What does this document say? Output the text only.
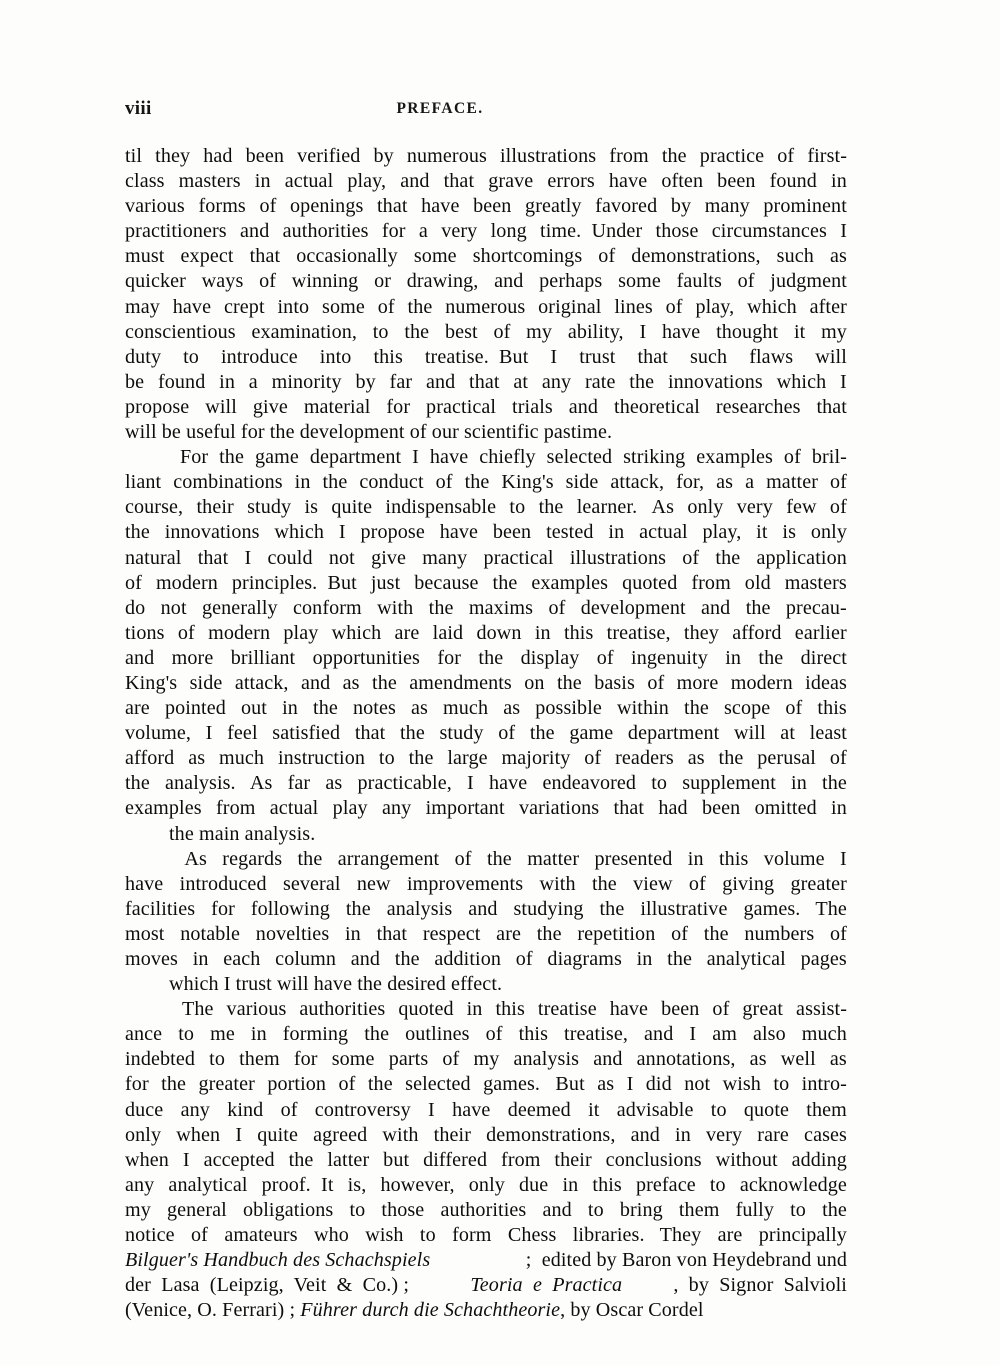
viii	PREFACE.
til they had been verified by numerous illustrations from the practice of first-
class masters in actual play, and that grave errors have often been found in
various forms of openings that have been greatly favored by many prominent
practitioners and authorities for a very long time.  Under those circumstances I
must expect that occasionally some shortcomings of demonstrations, such as
quicker ways of winning or drawing, and perhaps some faults of judgment
may have crept into some of the numerous original lines of play, which after
conscientious examination, to the best of my ability, I have thought it my
duty to introduce into this treatise.  But I trust that such flaws will
be found in a minority by far and that at any rate the innovations which I
propose will give material for practical trials and theoretical researches that
will be useful for the development of our scientific pastime.
For the game department I have chiefly selected striking examples of bril-
liant combinations in the conduct of the King's side attack, for, as a matter of
course, their study is quite indispensable to the learner.   As only very few of
the innovations which I propose have been tested in actual play, it is only
natural that I could not give many practical illustrations of the application
of modern principles.  But just because the examples quoted from old masters
do not generally conform with the maxims of development and the precau-
tions of modern play which are laid down in this treatise, they afford earlier
and more brilliant opportunities for the display of ingenuity in the direct
King's side attack, and as the amendments on the basis of more modern ideas
are pointed out in the notes as much as possible within the scope of this
volume, I feel satisfied that the study of the game department will at least
afford as much instruction to the large majority of readers as the perusal of
the analysis.   As far as practicable, I have endeavored to supplement in the
examples from actual play any important variations that had been omitted in
the main analysis.
As regards the arrangement of the matter presented in this volume I
have introduced several new improvements with the view of giving greater
facilities for following the analysis and studying the illustrative games.   The
most notable novelties in that respect are the repetition of the numbers of
moves in each column and the addition of diagrams in the analytical pages
which I trust will have the desired effect.
The various authorities quoted in this treatise have been of great assist-
ance to me in forming the outlines of this treatise, and I am also much
indebted to them for some parts of my analysis and annotations, as well as
for the greater portion of the selected games.   But as I did not wish to intro-
duce any kind of controversy I have deemed it advisable to quote them
only when I quite agreed with their demonstrations, and in very rare cases
when I accepted the latter but differed from their conclusions without adding
any analytical proof.  It is, however, only due in this preface to acknowledge
my general obligations to those authorities and to bring them fully to the
notice of amateurs who wish to form Chess libraries.   They are principally
Bilguer's Handbuch des Schachspiels	;  edited by Baron von Heydebrand und
der  Lasa  (Leipzig,  Veit  &  Co.) ;	Teoria  e  Practica	,  by  Signor  Salvioli
(Venice, O. Ferrari) ; Führer durch die Schachtheorie, by Oscar Cordel
